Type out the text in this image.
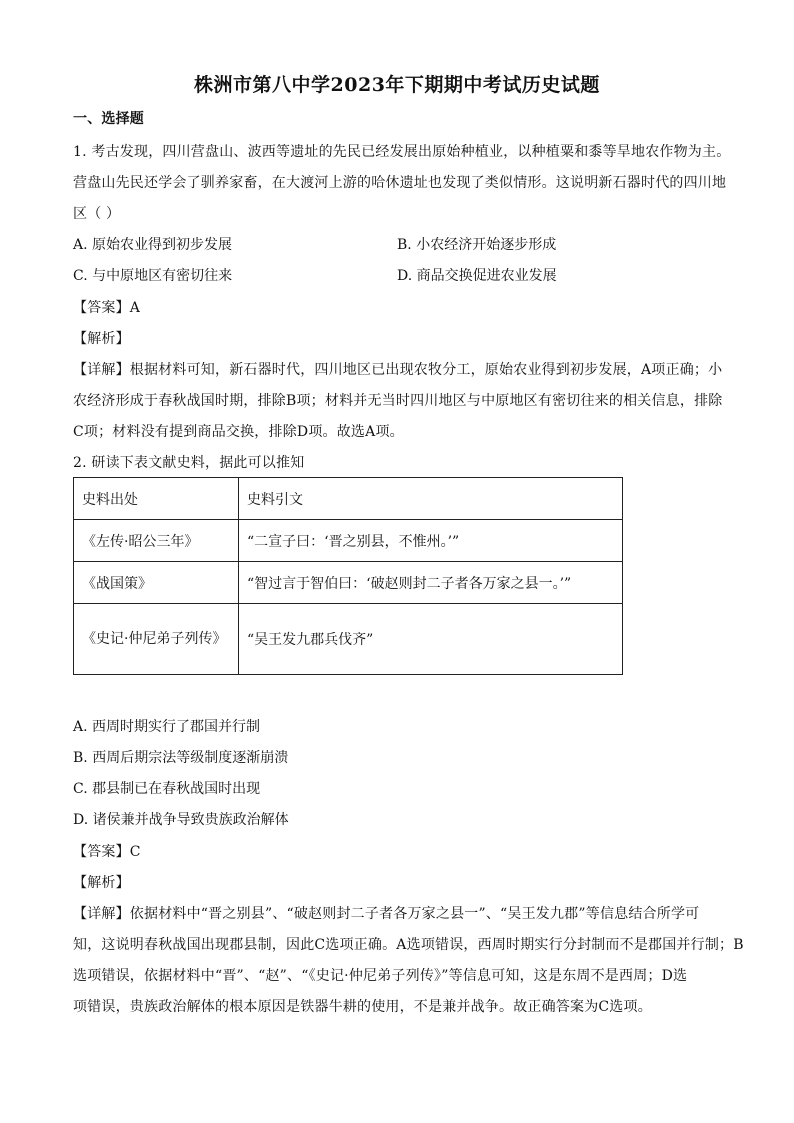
株洲市第八中学2023年下期期中考试历史试题
一、选择题
1. 考古发现，四川营盘山、波西等遗址的先民已经发展出原始种植业，以种植粟和黍等旱地农作物为主。
营盘山先民还学会了驯养家畜，在大渡河上游的哈休遗址也发现了类似情形。这说明新石器时代的四川地
区（ ）
A. 原始农业得到初步发展	B. 小农经济开始逐步形成
C. 与中原地区有密切往来	D. 商品交换促进农业发展
【答案】A
【解析】
【详解】根据材料可知，新石器时代，四川地区已出现农牧分工，原始农业得到初步发展，A项正确；小
农经济形成于春秋战国时期，排除B项；材料并无当时四川地区与中原地区有密切往来的相关信息，排除
C项；材料没有提到商品交换，排除D项。故选A项。
2. 研读下表文献史料，据此可以推知
史料出处	史料引文
《左传·昭公三年》	“二宣子曰：‘晋之别县，不惟州。’”
《战国策》	“智过言于智伯曰：‘破赵则封二子者各万家之县一。’”
《史记·仲尼弟子列传》	“吴王发九郡兵伐齐”
A. 西周时期实行了郡国并行制
B. 西周后期宗法等级制度逐渐崩溃
C. 郡县制已在春秋战国时出现
D. 诸侯兼并战争导致贵族政治解体
【答案】C
【解析】
【详解】依据材料中“晋之别县”、“破赵则封二子者各万家之县一”、“吴王发九郡”等信息结合所学可
知，这说明春秋战国出现郡县制，因此C选项正确。A选项错误，西周时期实行分封制而不是郡国并行制；B
选项错误，依据材料中“晋”、“赵”、“《史记·仲尼弟子列传》”等信息可知，这是东周不是西周；D选
项错误，贵族政治解体的根本原因是铁器牛耕的使用，不是兼并战争。故正确答案为C选项。
